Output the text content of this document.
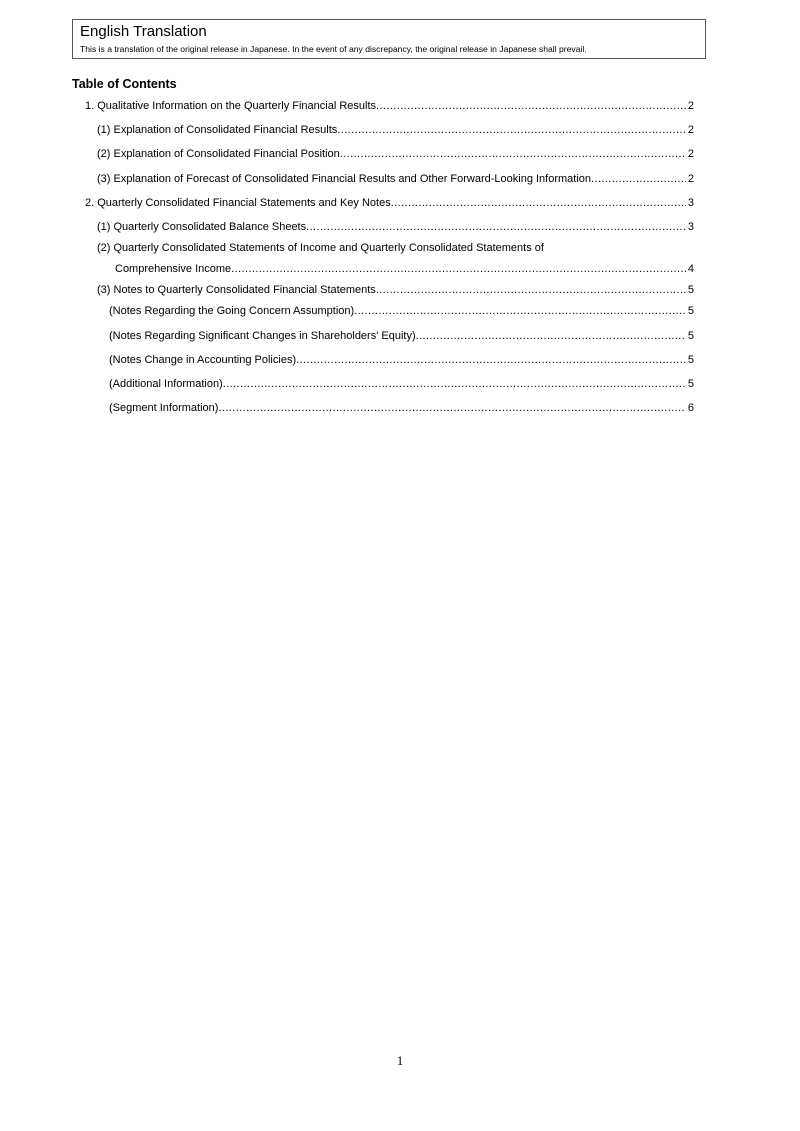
English Translation

This is a translation of the original release in Japanese. In the event of any discrepancy, the original release in Japanese shall prevail.

Table of Contents
1. Qualitative Information on the Quarterly Financial Results .....	2
(1) Explanation of Consolidated Financial Results .....	2
(2) Explanation of Consolidated Financial Position .....	2
(3) Explanation of Forecast of Consolidated Financial Results and Other Forward-Looking Information .....	2
2. Quarterly Consolidated Financial Statements and Key Notes .....	3
(1) Quarterly Consolidated Balance Sheets .....	3
(2) Quarterly Consolidated Statements of Income and Quarterly Consolidated Statements of
Comprehensive Income .....	4
(3) Notes to Quarterly Consolidated Financial Statements .....	5
(Notes Regarding the Going Concern Assumption) .....	5
(Notes Regarding Significant Changes in Shareholders' Equity) .....	5
(Notes Change in Accounting Policies) .....	5
(Additional Information) .....	5
(Segment Information) .....	6
1
